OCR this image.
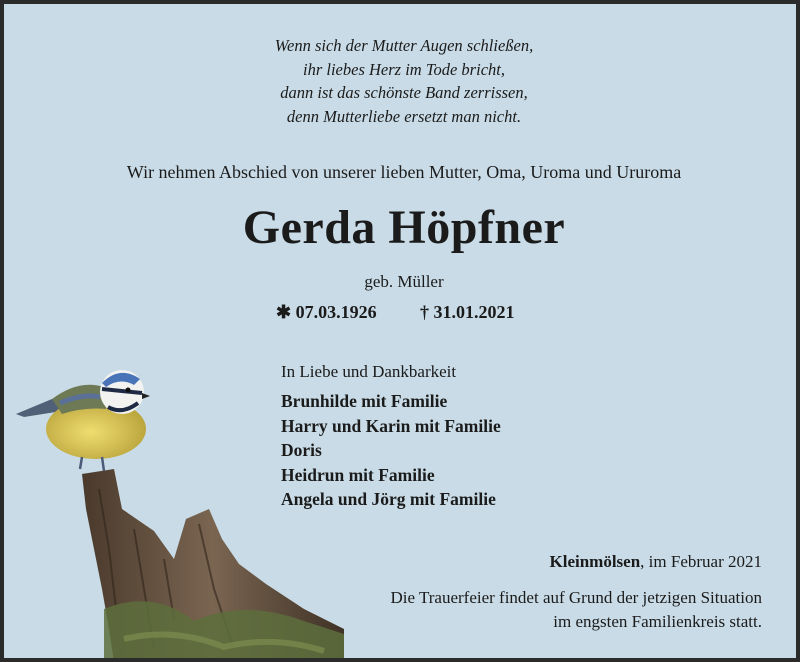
Wenn sich der Mutter Augen schließen,
ihr liebes Herz im Tode bricht,
dann ist das schönste Band zerrissen,
denn Mutterliebe ersetzt man nicht.
Wir nehmen Abschied von unserer lieben Mutter, Oma, Uroma und Ururoma
Gerda Höpfner
geb. Müller
✱ 07.03.1926 † 31.01.2021
In Liebe und Dankbarkeit
Brunhilde mit Familie
Harry und Karin mit Familie
Doris
Heidrun mit Familie
Angela und Jörg mit Familie
Kleinmölsen, im Februar 2021
Die Trauerfeier findet auf Grund der jetzigen Situation
im engsten Familienkreis statt.
